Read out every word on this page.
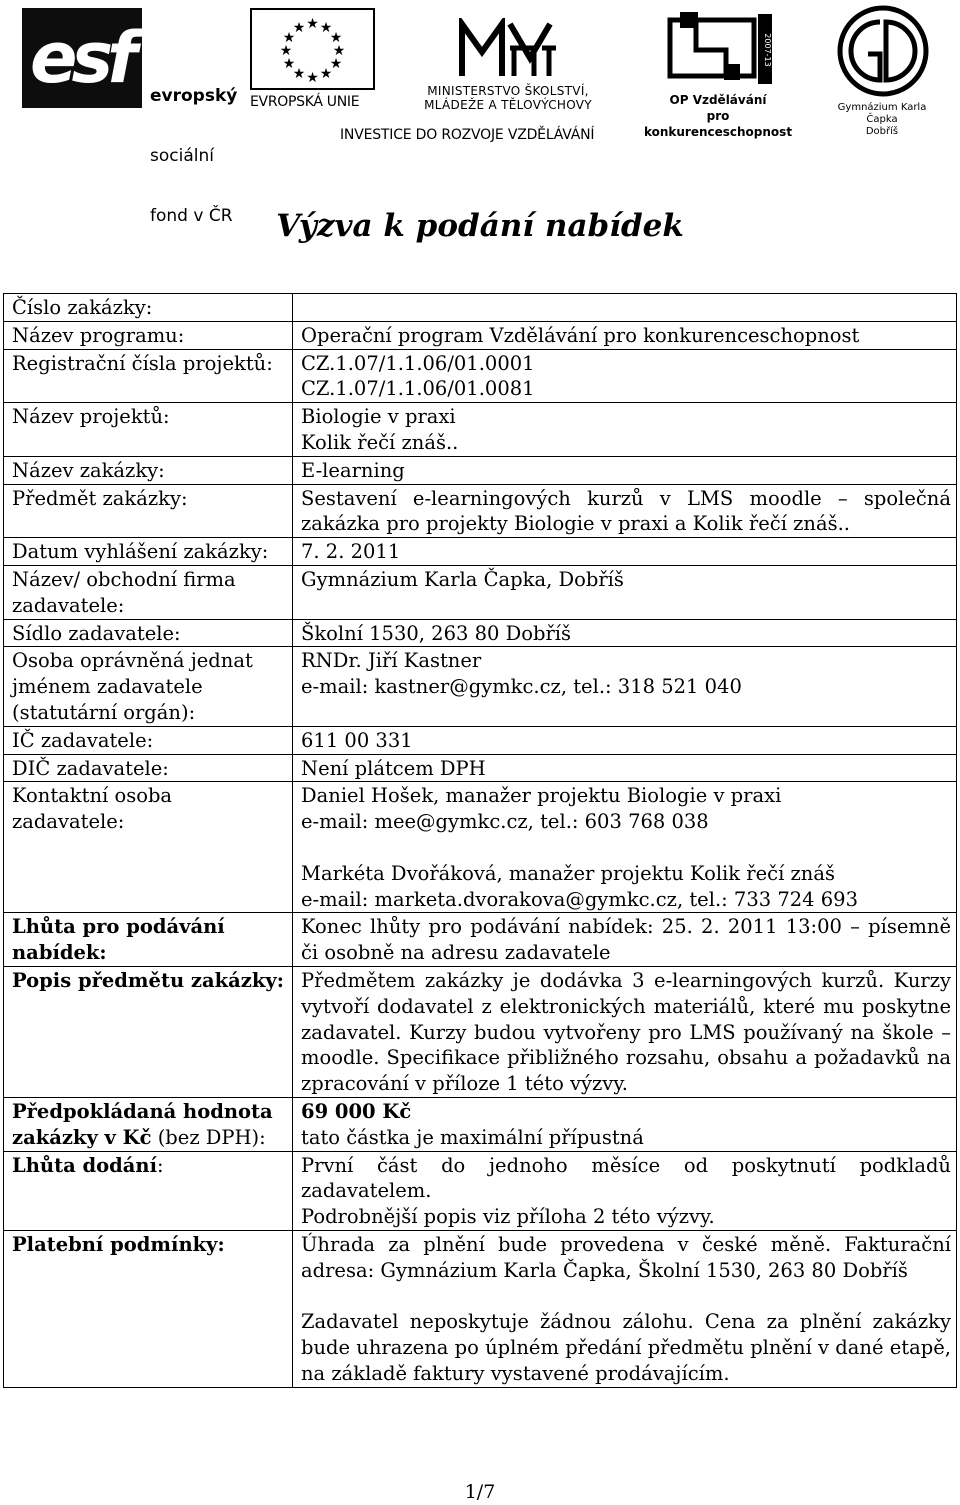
esf

evropský

sociální

fond v ČR

★ ★
★
★
★
★
★
★
★
★
★
★
EVROPSKÁ UNIE
MINISTERSTVO ŠKOLSTVÍ,
MLÁDEŽE A TĚLOVÝCHOVY
2007-13
OP Vzdělávání
pro konkurenceschopnost
Gymnázium Karla Čapka
Dobříš
INVESTICE DO ROZVOJE VZDĚLÁVÁNÍ
Výzva k podání nabídek
Číslo zakázky:	
Název programu:	Operační program Vzdělávání pro konkurenceschopnost
Registrační čísla projektů:	CZ.1.07/1.1.06/01.0001
CZ.1.07/1.1.06/01.0081

Název projektů:	Biologie v praxi
Kolik řečí znáš..

Název zakázky:	E-learning
Předmět zakázky:	Sestavení e-learningových kurzů v LMS moodle – společná zakázka pro projekty Biologie v praxi a Kolik řečí znáš..
Datum vyhlášení zakázky:	7. 2. 2011
Název/ obchodní firma zadavatele:	Gymnázium Karla Čapka, Dobříš
Sídlo zadavatele:	Školní 1530, 263 80 Dobříš
Osoba oprávněná jednat jménem zadavatele (statutární orgán):	RNDr. Jiří Kastner
e-mail: kastner@gymkc.cz, tel.: 318 521 040

IČ zadavatele:	611 00 331
DIČ zadavatele:	Není plátcem DPH
Kontaktní osoba zadavatele:	Daniel Hošek, manažer projektu Biologie v praxi
e-mail: mee@gymkc.cz, tel.: 603 768 038
Markéta Dvořáková, manažer projektu Kolik řečí znáš
e-mail: marketa.dvorakova@gymkc.cz, tel.: 733 724 693

Lhůta pro podávání nabídek:	Konec lhůty pro podávání nabídek: 25. 2. 2011 13:00 – písemně či osobně na adresu zadavatele
Popis předmětu zakázky:	Předmětem zakázky je dodávka 3 e-learningových kurzů. Kurzy vytvoří dodavatel z elektronických materiálů, které mu poskytne zadavatel. Kurzy budou vytvořeny pro LMS používaný na škole – moodle. Specifikace přibližného rozsahu, obsahu a požadavků na zpracování v příloze 1 této výzvy.
Předpokládaná hodnota zakázky v Kč (bez DPH):	69 000 Kč
tato částka je maximální přípustná

Lhůta dodání:	První část do jednoho měsíce od poskytnutí podkladů zadavatelem.
Podrobnější popis viz příloha 2 této výzvy.

Platební podmínky:	Úhrada za plnění bude provedena v české měně. Fakturační adresa: Gymnázium Karla Čapka, Školní 1530, 263 80 Dobříš
Zadavatel neposkytuje žádnou zálohu. Cena za plnění zakázky bude uhrazena po úplném předání předmětu plnění v dané etapě, na základě faktury vystavené prodávajícím.
1/7
